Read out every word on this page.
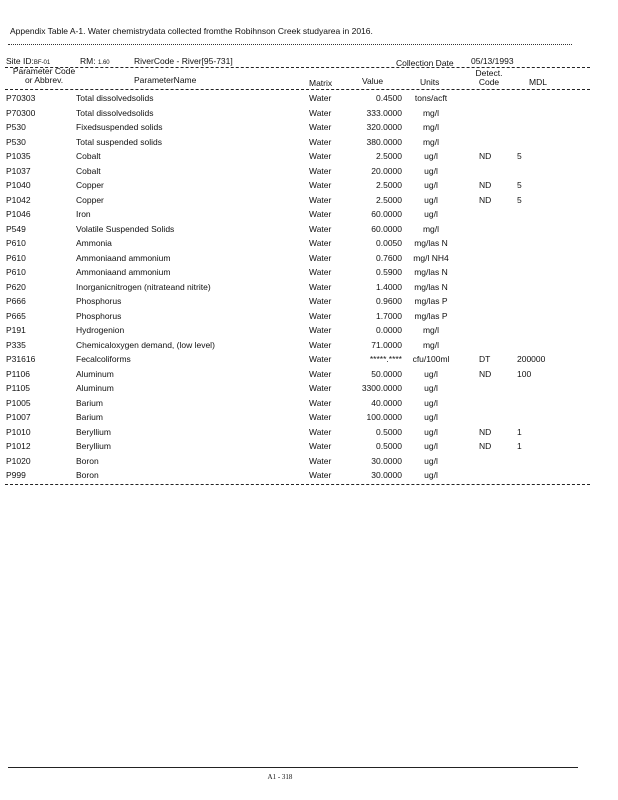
Appendix Table A-1. Water chemistrydata collected fromthe Robihnson Creek studyarea in 2016.
Site ID:BF-01	RM: 1.60	RiverCode - River[95-731]	Collection Date 05/13/1993
Parameter Code
or Abbrev.	ParameterName	Matrix	Value	Units
Detect.
Code	MDL
P70303	Total dissolvedsolids	Water	0.4500	tons/acft
P70300	Total dissolvedsolids	Water	333.0000	mg/l
P530	Fixedsuspended solids	Water	320.0000	mg/l
P530	Total suspended solids	Water	380.0000	mg/l
P1035	Cobalt	Water	2.5000	ug/l	ND	5
P1037	Cobalt	Water	20.0000	ug/l
P1040	Copper	Water	2.5000	ug/l	ND	5
P1042	Copper	Water	2.5000	ug/l	ND	5
P1046	Iron	Water	60.0000	ug/l
P549	Volatile Suspended Solids	Water	60.0000	mg/l
P610	Ammonia	Water	0.0050	mg/las N
P610	Ammoniaand ammonium	Water	0.7600	mg/l NH4
P610	Ammoniaand ammonium	Water	0.5900	mg/las N
P620	Inorganicnitrogen (nitrateand nitrite)	Water	1.4000	mg/las N
P666	Phosphorus	Water	0.9600	mg/las P
P665	Phosphorus	Water	1.7000	mg/las P
P191	Hydrogenion	Water	0.0000	mg/l
P335	Chemicaloxygen demand, (low level)	Water	71.0000	mg/l
P31616	Fecalcoliforms	Water	*****.****	cfu/100ml	DT	200000
P1106	Aluminum	Water	50.0000	ug/l	ND	100
P1105	Aluminum	Water	3300.0000	ug/l
P1005	Barium	Water	40.0000	ug/l
P1007	Barium	Water	100.0000	ug/l
P1010	Beryllium	Water	0.5000	ug/l	ND	1
P1012	Beryllium	Water	0.5000	ug/l	ND	1
P1020	Boron	Water	30.0000	ug/l
P999	Boron	Water	30.0000	ug/l
A1 - 318
